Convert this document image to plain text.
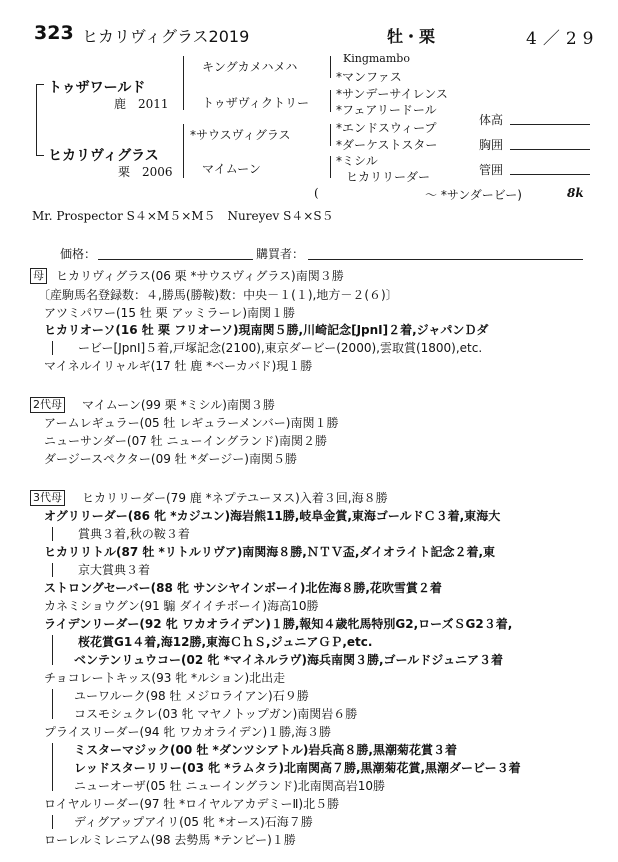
323 ヒカリヴィグラス2019	牡・栗	4／29
トゥザワールド
鹿　2011
ヒカリヴィグラス
栗　2006
キングカメハメハ
トゥザヴィクトリー
*サウスヴィグラス
マイムーン
Kingmambo
*マンファス
*サンデーサイレンス
*フェアリードール
*エンドスウィープ
*ダーケストスター
*ミシル
ヒカリリーダー
体高
胸囲
管囲
(	～ *サンダービー)	8k
Mr. Prospector S４×M５×M５　Nureyev S４×S５
価格：	購買者：
母 ヒカリヴィグラス(06 栗 *サウスヴィグラス)南関３勝
〔産駒馬名登録数：４,勝馬(勝鞍)数：中央－１(１),地方－２(６)〕
アツミパワー(15 牡 栗 アッミラーレ)南関１勝
ヒカリオーソ(16 牡 栗 フリオーソ)現南関５勝,川崎記念[JpnⅠ]２着,ジャパンＤダ
ービー[JpnⅠ]５着,戸塚記念(2100),東京ダービー(2000),雲取賞(1800),etc.
マイネルイリャルギ(17 牡 鹿 *ベーカバド)現１勝
2代母 マイムーン(99 栗 *ミシル)南関３勝
アームレギュラー(05 牡 レギュラーメンバー)南関１勝
ニューサンダー(07 牡 ニューイングランド)南関２勝
ダージースペクター(09 牡 *ダージー)南関５勝
3代母 ヒカリリーダー(79 鹿 *ネプテユーヌス)入着３回,海８勝
オグリリーダー(86 牝 *カジユン)海岩熊11勝,岐阜金賞,東海ゴールドＣ３着,東海大
賞典３着,秋の鞍３着
ヒカリリトル(87 牡 *リトルリヴア)南関海８勝,ＮＴＶ盃,ダイオライト記念２着,東
京大賞典３着
ストロングセーバー(88 牝 サンシヤインボーイ)北佐海８勝,花吹雪賞２着
カネミショウグン(91 騸 ダイイチボーイ)海高10勝
ライデンリーダー(92 牝 ワカオライデン)１勝,報知４歳牝馬特別G2,ローズＳG2３着,
桜花賞G1４着,海12勝,東海ＣｈＳ,ジュニアＧＰ,etc.
ベンテンリュウコー(02 牝 *マイネルラヴ)海兵南関３勝,ゴールドジュニア３着
チョコレートキッス(93 牝 *ルション)北出走
ユーワルーク(98 牡 メジロライアン)石９勝
コスモシュクレ(03 牝 マヤノトップガン)南関岩６勝
プライスリーダー(94 牝 ワカオライデン)１勝,海３勝
ミスターマジック(00 牡 *ダンツシアトル)岩兵高８勝,黒潮菊花賞３着
レッドスターリリー(03 牝 *ラムタラ)北南関高７勝,黒潮菊花賞,黒潮ダービー３着
ニューオーザ(05 牡 ニューイングランド)北南関高岩10勝
ロイヤルリーダー(97 牡 *ロイヤルアカデミーⅡ)北５勝
ディグアップアイリ(05 牝 *オース)石海７勝
ローレルミレニアム(98 去勢馬 *テンビー)１勝
